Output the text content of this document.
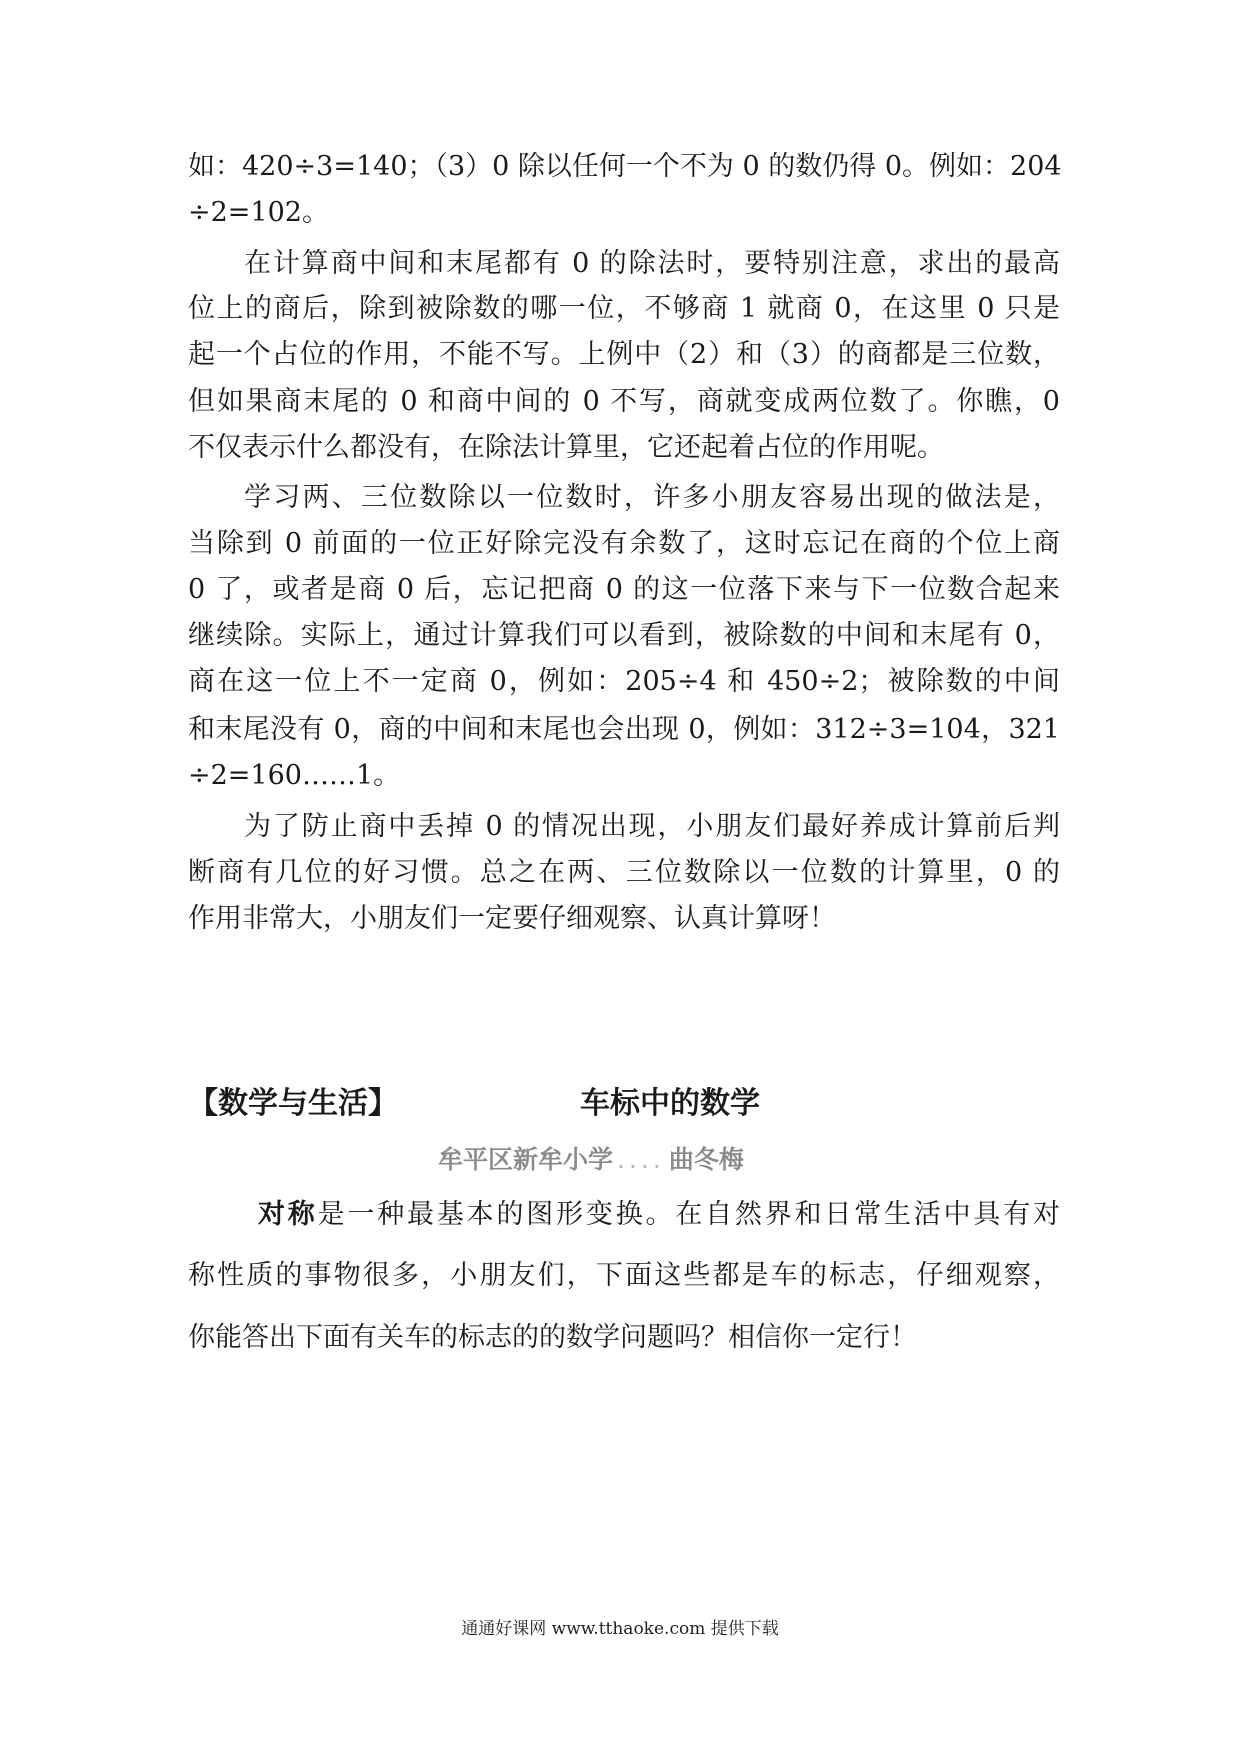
如：420÷3=140；（3）0 除以任何一个不为 0 的数仍得 0。例如：204
÷2=102。
在计算商中间和末尾都有 0 的除法时，要特别注意，求出的最高
位上的商后，除到被除数的哪一位，不够商 1 就商 0，在这里 0 只是
起一个占位的作用，不能不写。上例中（2）和（3）的商都是三位数，
但如果商末尾的 0 和商中间的 0 不写，商就变成两位数了。你瞧，0
不仅表示什么都没有，在除法计算里，它还起着占位的作用呢。
学习两、三位数除以一位数时，许多小朋友容易出现的做法是，
当除到 0 前面的一位正好除完没有余数了，这时忘记在商的个位上商
0 了，或者是商 0 后，忘记把商 0 的这一位落下来与下一位数合起来
继续除。实际上，通过计算我们可以看到，被除数的中间和末尾有 0，
商在这一位上不一定商 0，例如：205÷4 和 450÷2；被除数的中间
和末尾没有 0，商的中间和末尾也会出现 0，例如：312÷3=104，321
÷2=160……1。
为了防止商中丢掉 0 的情况出现，小朋友们最好养成计算前后判
断商有几位的好习惯。总之在两、三位数除以一位数的计算里，0 的
作用非常大，小朋友们一定要仔细观察、认真计算呀！
【数学与生活】	车标中的数学
牟平区新牟小学 .... 曲冬梅
对称是一种最基本的图形变换。在自然界和日常生活中具有对
称性质的事物很多，小朋友们，下面这些都是车的标志，仔细观察，
你能答出下面有关车的标志的的数学问题吗？相信你一定行！
通通好课网 www.tthaoke.com 提供下载
